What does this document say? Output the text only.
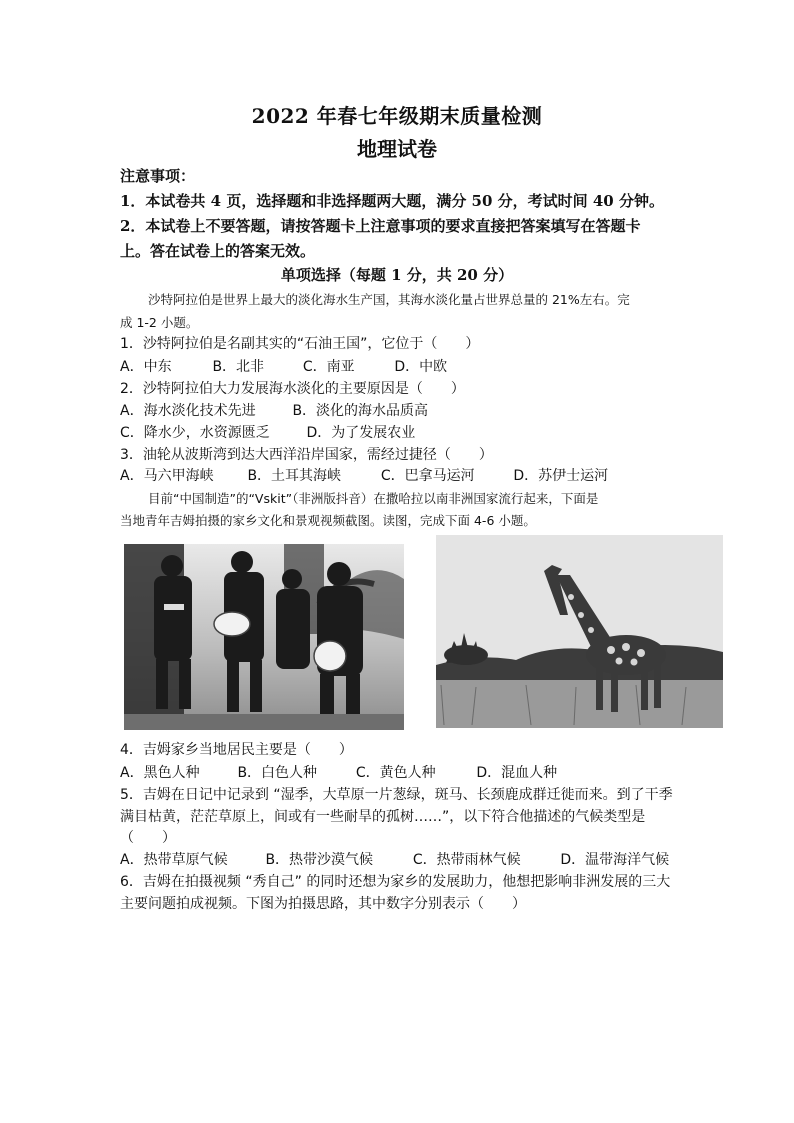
2022 年春七年级期末质量检测
地理试卷
注意事项：
1．本试卷共 4 页，选择题和非选择题两大题，满分 50 分，考试时间 40 分钟。
2．本试卷上不要答题，请按答题卡上注意事项的要求直接把答案填写在答题卡
上。答在试卷上的答案无效。
单项选择（每题 1 分，共 20 分）
沙特阿拉伯是世界上最大的淡化海水生产国，其海水淡化量占世界总量的 21%左右。完
成 1-2 小题。
1．沙特阿拉伯是名副其实的“石油王国”，它位于（　　）
A．中东	B．北非	C．南亚	D．中欧
2．沙特阿拉伯大力发展海水淡化的主要原因是（　　）
A．海水淡化技术先进	B．淡化的海水品质高
C．降水少，水资源匮乏	D．为了发展农业
3．油轮从波斯湾到达大西洋沿岸国家，需经过捷径（　　）
A．马六甲海峡 B．土耳其海峡	C．巴拿马运河	D．苏伊士运河
目前“中国制造”的“Vskit”（非洲版抖音）在撒哈拉以南非洲国家流行起来，下面是
当地青年吉姆拍摄的家乡文化和景观视频截图。读图，完成下面 4-6 小题。
4．吉姆家乡当地居民主要是（　　）
A．黑色人种	B．白色人种	C．黄色人种	D．混血人种
5．吉姆在日记中记录到 “湿季，大草原一片葱绿，斑马、长颈鹿成群迁徙而来。到了干季
满目枯黄，茫茫草原上，间或有一些耐旱的孤树……”，以下符合他描述的气候类型是
（　　）
A．热带草原气候	B．热带沙漠气候	C．热带雨林气候	D．温带海洋气候
6．吉姆在拍摄视频 “秀自己” 的同时还想为家乡的发展助力，他想把影响非洲发展的三大
主要问题拍成视频。下图为拍摄思路，其中数字分别表示（　　）
